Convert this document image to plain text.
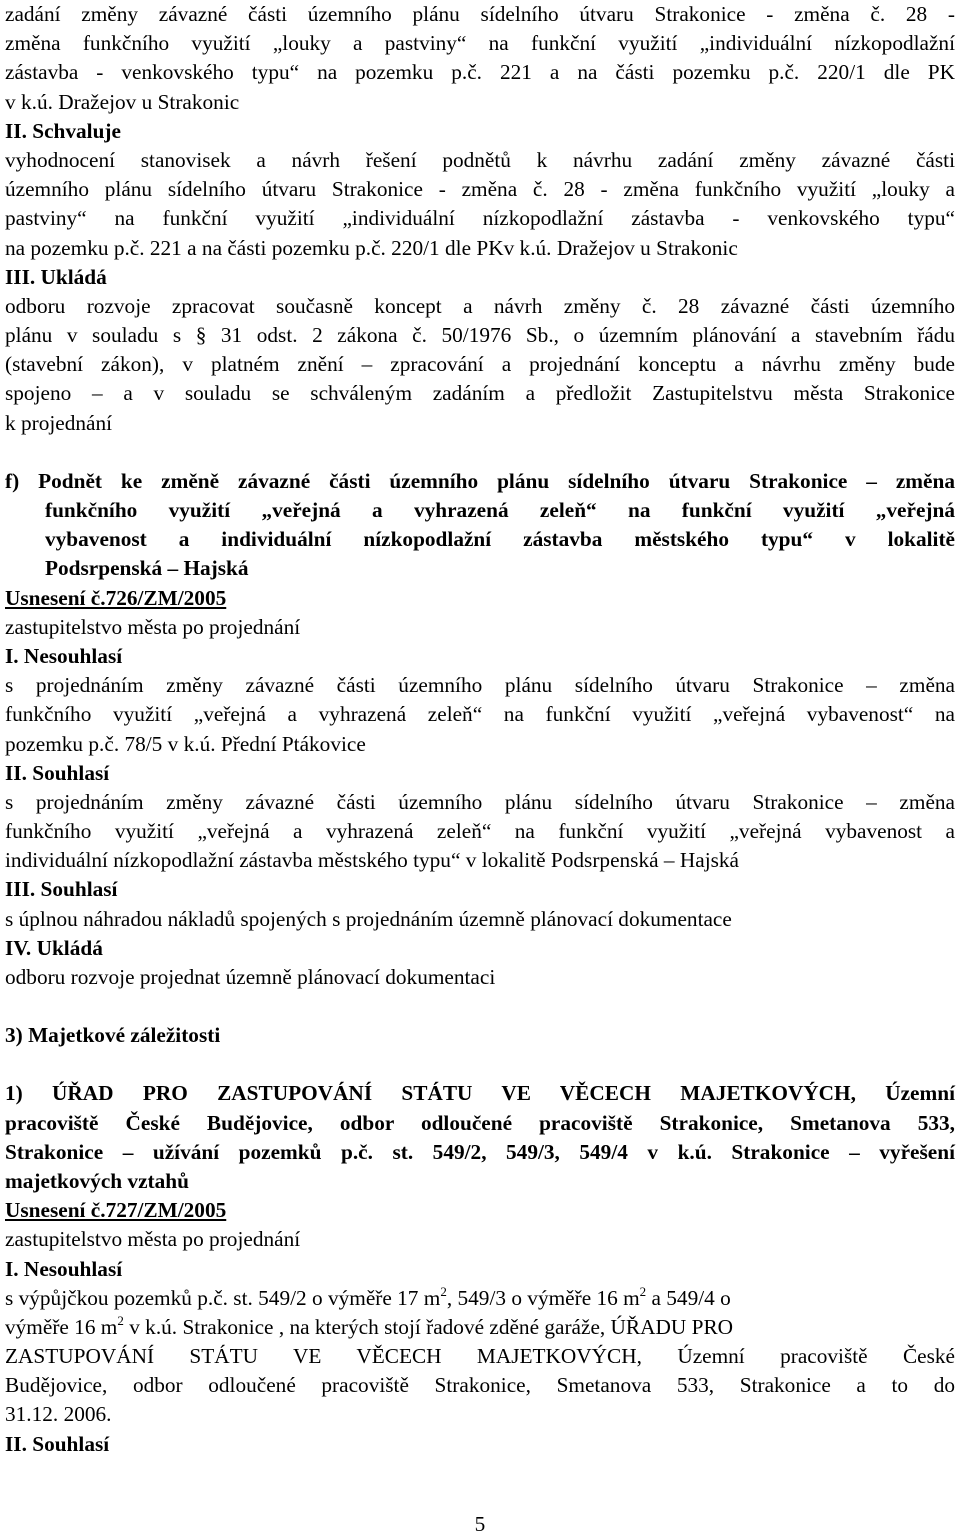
zadání změny závazné části územního plánu sídelního útvaru Strakonice - změna č. 28 -
změna funkčního využití „louky a pastviny“ na funkční využití „individuální nízkopodlažní
zástavba - venkovského typu“ na pozemku p.č. 221 a na části pozemku p.č. 220/1 dle PK
v k.ú. Dražejov u Strakonic
II. Schvaluje
vyhodnocení stanovisek a návrh řešení podnětů k návrhu zadání změny závazné části
územního plánu sídelního útvaru Strakonice - změna č. 28 - změna funkčního využití „louky a
pastviny“ na funkční využití „individuální nízkopodlažní zástavba - venkovského typu“
na pozemku p.č. 221 a na části pozemku p.č. 220/1 dle PKv k.ú. Dražejov u Strakonic
III. Ukládá
odboru rozvoje zpracovat současně koncept a návrh změny č. 28 závazné části územního
plánu v souladu s § 31 odst. 2 zákona č. 50/1976 Sb., o územním plánování a stavebním řádu
(stavební zákon), v platném znění – zpracování a projednání konceptu a návrhu změny bude
spojeno – a v souladu se schváleným zadáním a předložit Zastupitelstvu města Strakonice
k projednání
f) Podnět ke změně závazné části územního plánu sídelního útvaru Strakonice – změna
funkčního využití „veřejná a vyhrazená zeleň“ na funkční využití „veřejná
vybavenost a individuální nízkopodlažní zástavba městského typu“ v lokalitě
Podsrpenská – Hajská
Usnesení č.726/ZM/2005
zastupitelstvo města po projednání
I. Nesouhlasí
s projednáním změny závazné části územního plánu sídelního útvaru Strakonice – změna
funkčního využití „veřejná a vyhrazená zeleň“ na funkční využití „veřejná vybavenost“ na
pozemku p.č. 78/5 v k.ú. Přední Ptákovice
II. Souhlasí
s projednáním změny závazné části územního plánu sídelního útvaru Strakonice – změna
funkčního využití „veřejná a vyhrazená zeleň“ na funkční využití „veřejná vybavenost a
individuální nízkopodlažní zástavba městského typu“ v lokalitě Podsrpenská – Hajská
III. Souhlasí
s úplnou náhradou nákladů spojených s projednáním územně plánovací dokumentace
IV. Ukládá
odboru rozvoje projednat územně plánovací dokumentaci
3) Majetkové záležitosti
1) ÚŘAD PRO ZASTUPOVÁNÍ STÁTU VE VĚCECH MAJETKOVÝCH, Územní
pracoviště České Budějovice, odbor odloučené pracoviště Strakonice, Smetanova 533,
Strakonice – užívání pozemků p.č. st. 549/2, 549/3, 549/4 v k.ú. Strakonice – vyřešení
majetkových vztahů
Usnesení č.727/ZM/2005
zastupitelstvo města po projednání
I. Nesouhlasí
s výpůjčkou pozemků p.č. st. 549/2 o výměře 17 $m^2$, 549/3 o výměře 16 $m^2$ a 549/4 o
výměře 16 $m^2$ v k.ú. Strakonice , na kterých stojí řadové zděné garáže, ÚŘADU PRO
ZASTUPOVÁNÍ STÁTU VE VĚCECH MAJETKOVÝCH, Územní pracoviště České
Budějovice, odbor odloučené pracoviště Strakonice, Smetanova 533, Strakonice a to do
31.12. 2006.
II. Souhlasí
5
